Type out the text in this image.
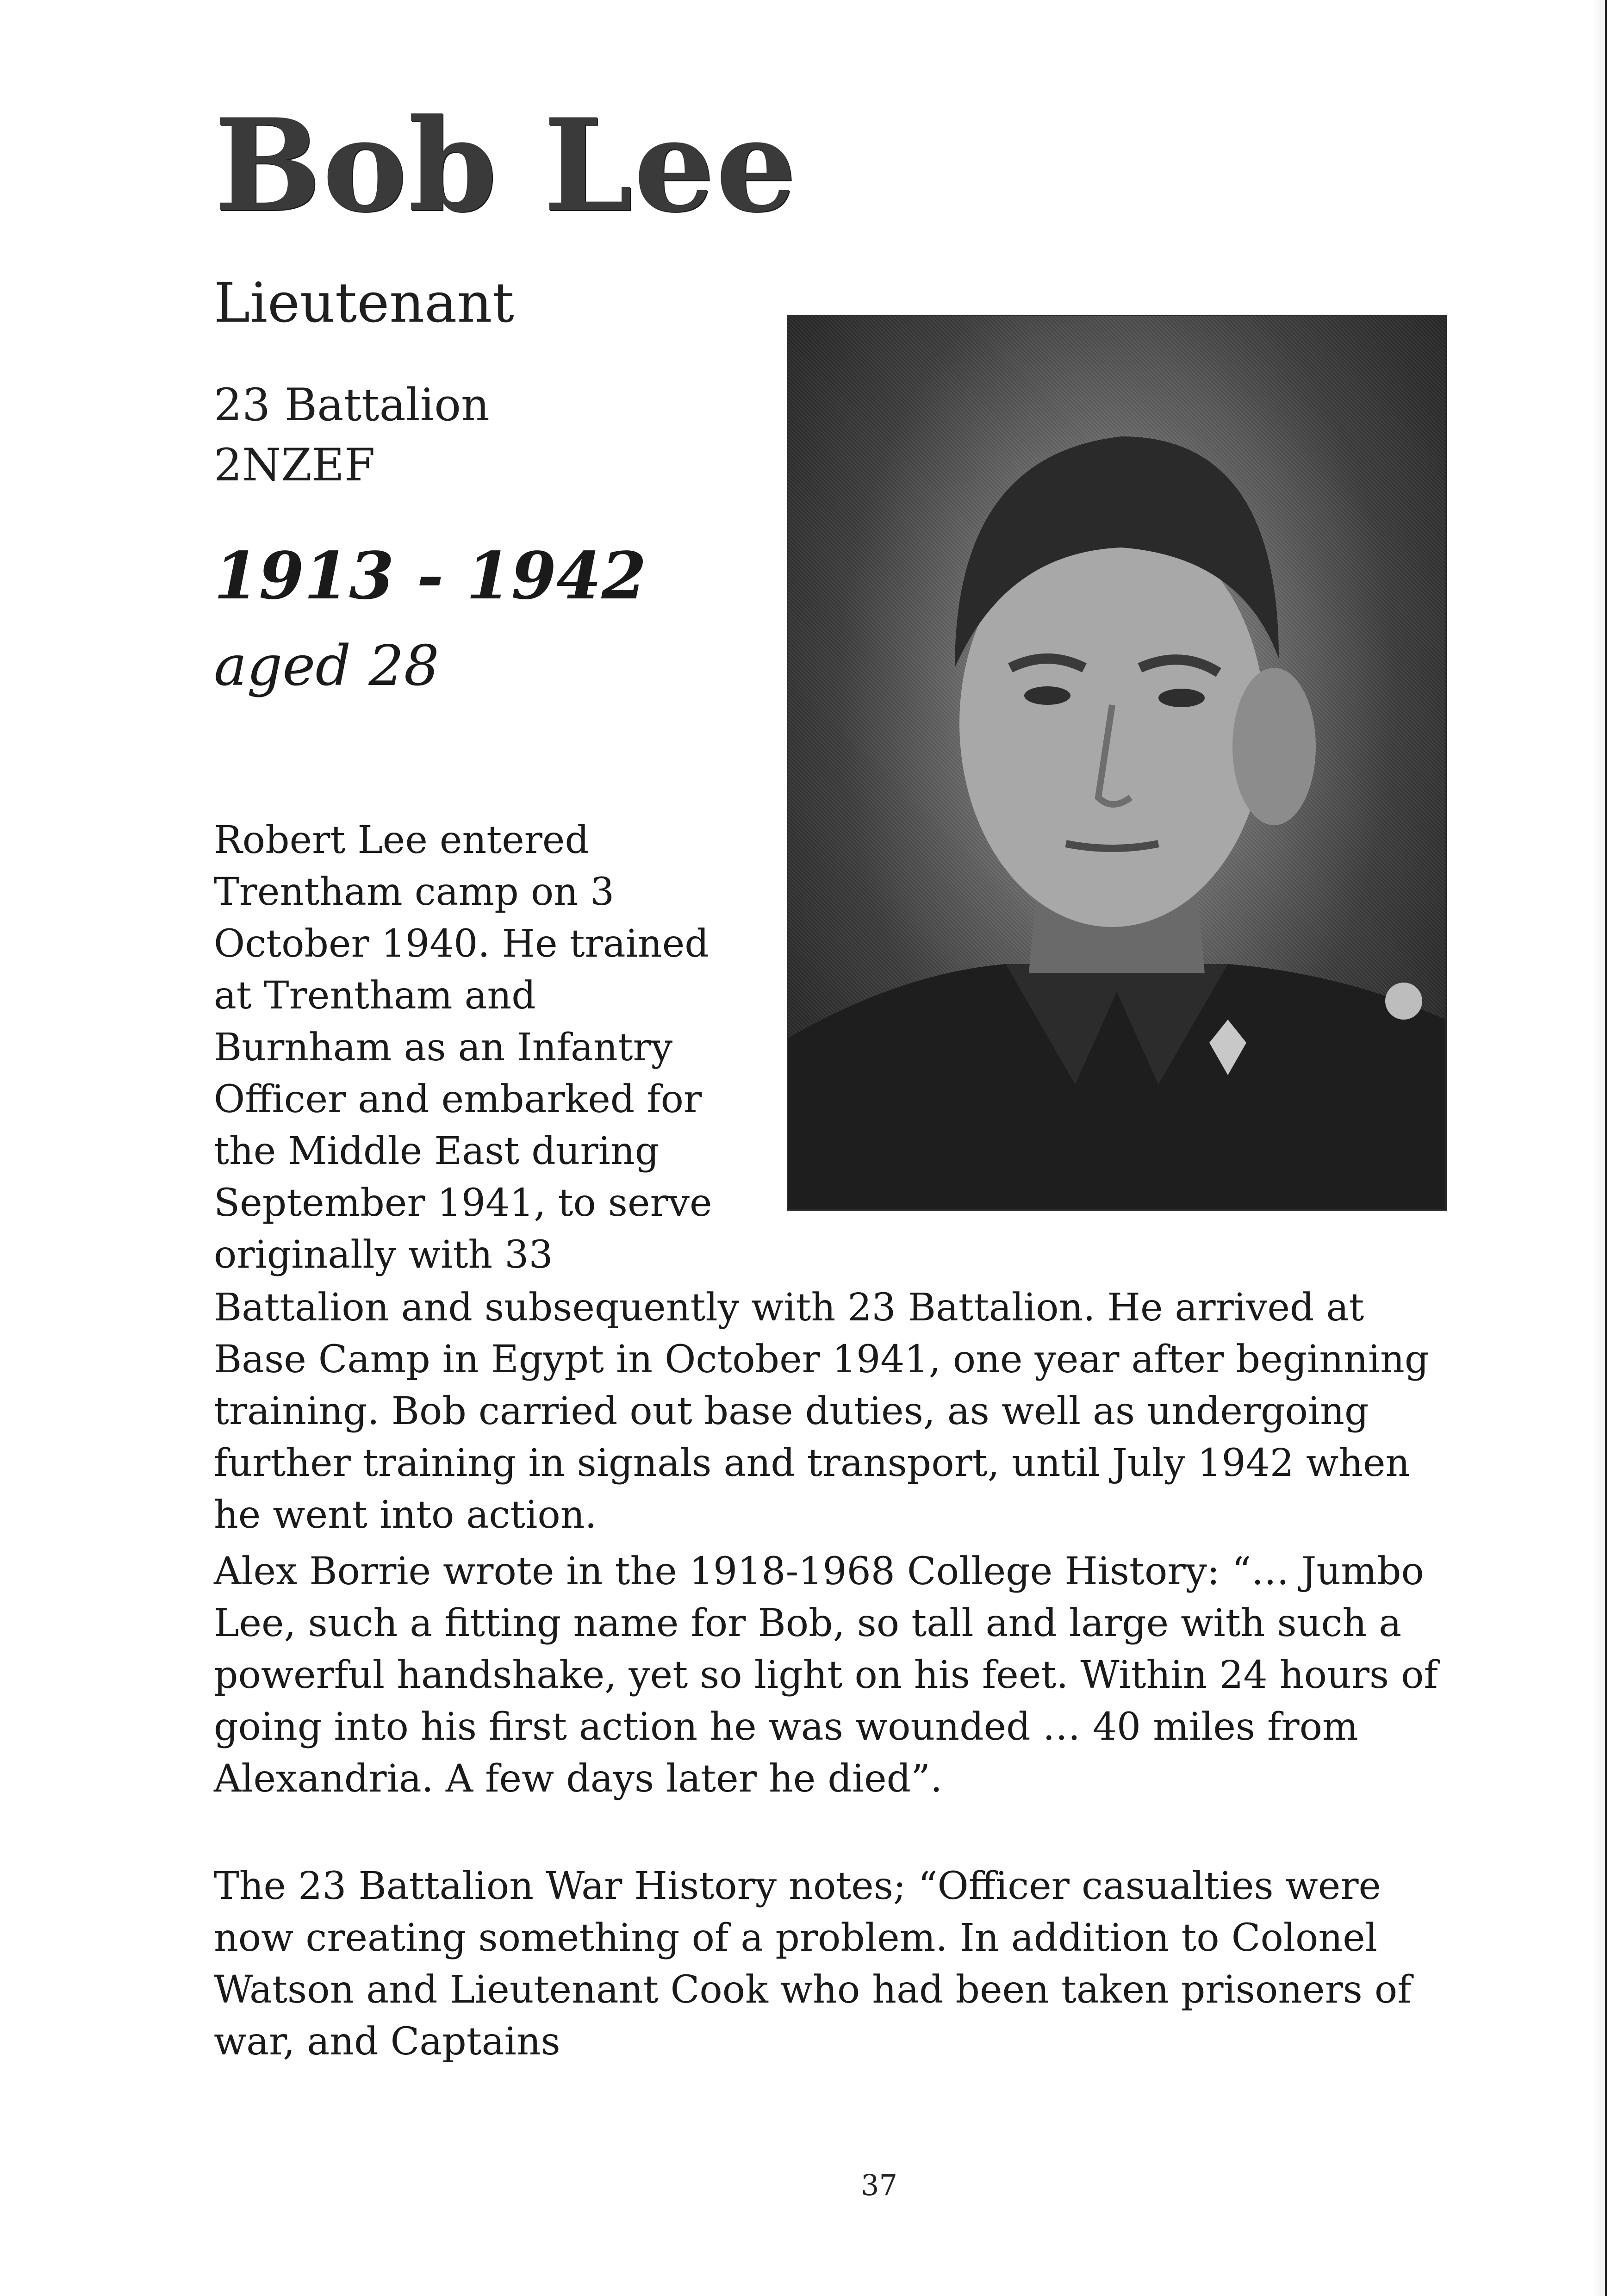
Bob Lee
Lieutenant
23 Battalion
2NZEF
1913 - 1942
aged 28
Robert Lee entered
Trentham camp on 3
October 1940. He trained
at Trentham and
Burnham as an Infantry
Officer and embarked for
the Middle East during
September 1941, to serve
originally with 33

Battalion and subsequently with 23 Battalion. He arrived at Base Camp in Egypt in October 1941, one year after beginning training. Bob carried out base duties, as well as undergoing further training in signals and transport, until July 1942 when he went into action.

Alex Borrie wrote in the 1918-1968 College History: “… Jumbo Lee, such a fitting name for Bob, so tall and large with such a powerful handshake, yet so light on his feet. Within 24 hours of going into his first action he was wounded … 40 miles from Alexandria. A few days later he died”.

The 23 Battalion War History notes; “Officer casualties were now creating something of a problem. In addition to Colonel Watson and Lieutenant Cook who had been taken prisoners of war, and Captains

37
